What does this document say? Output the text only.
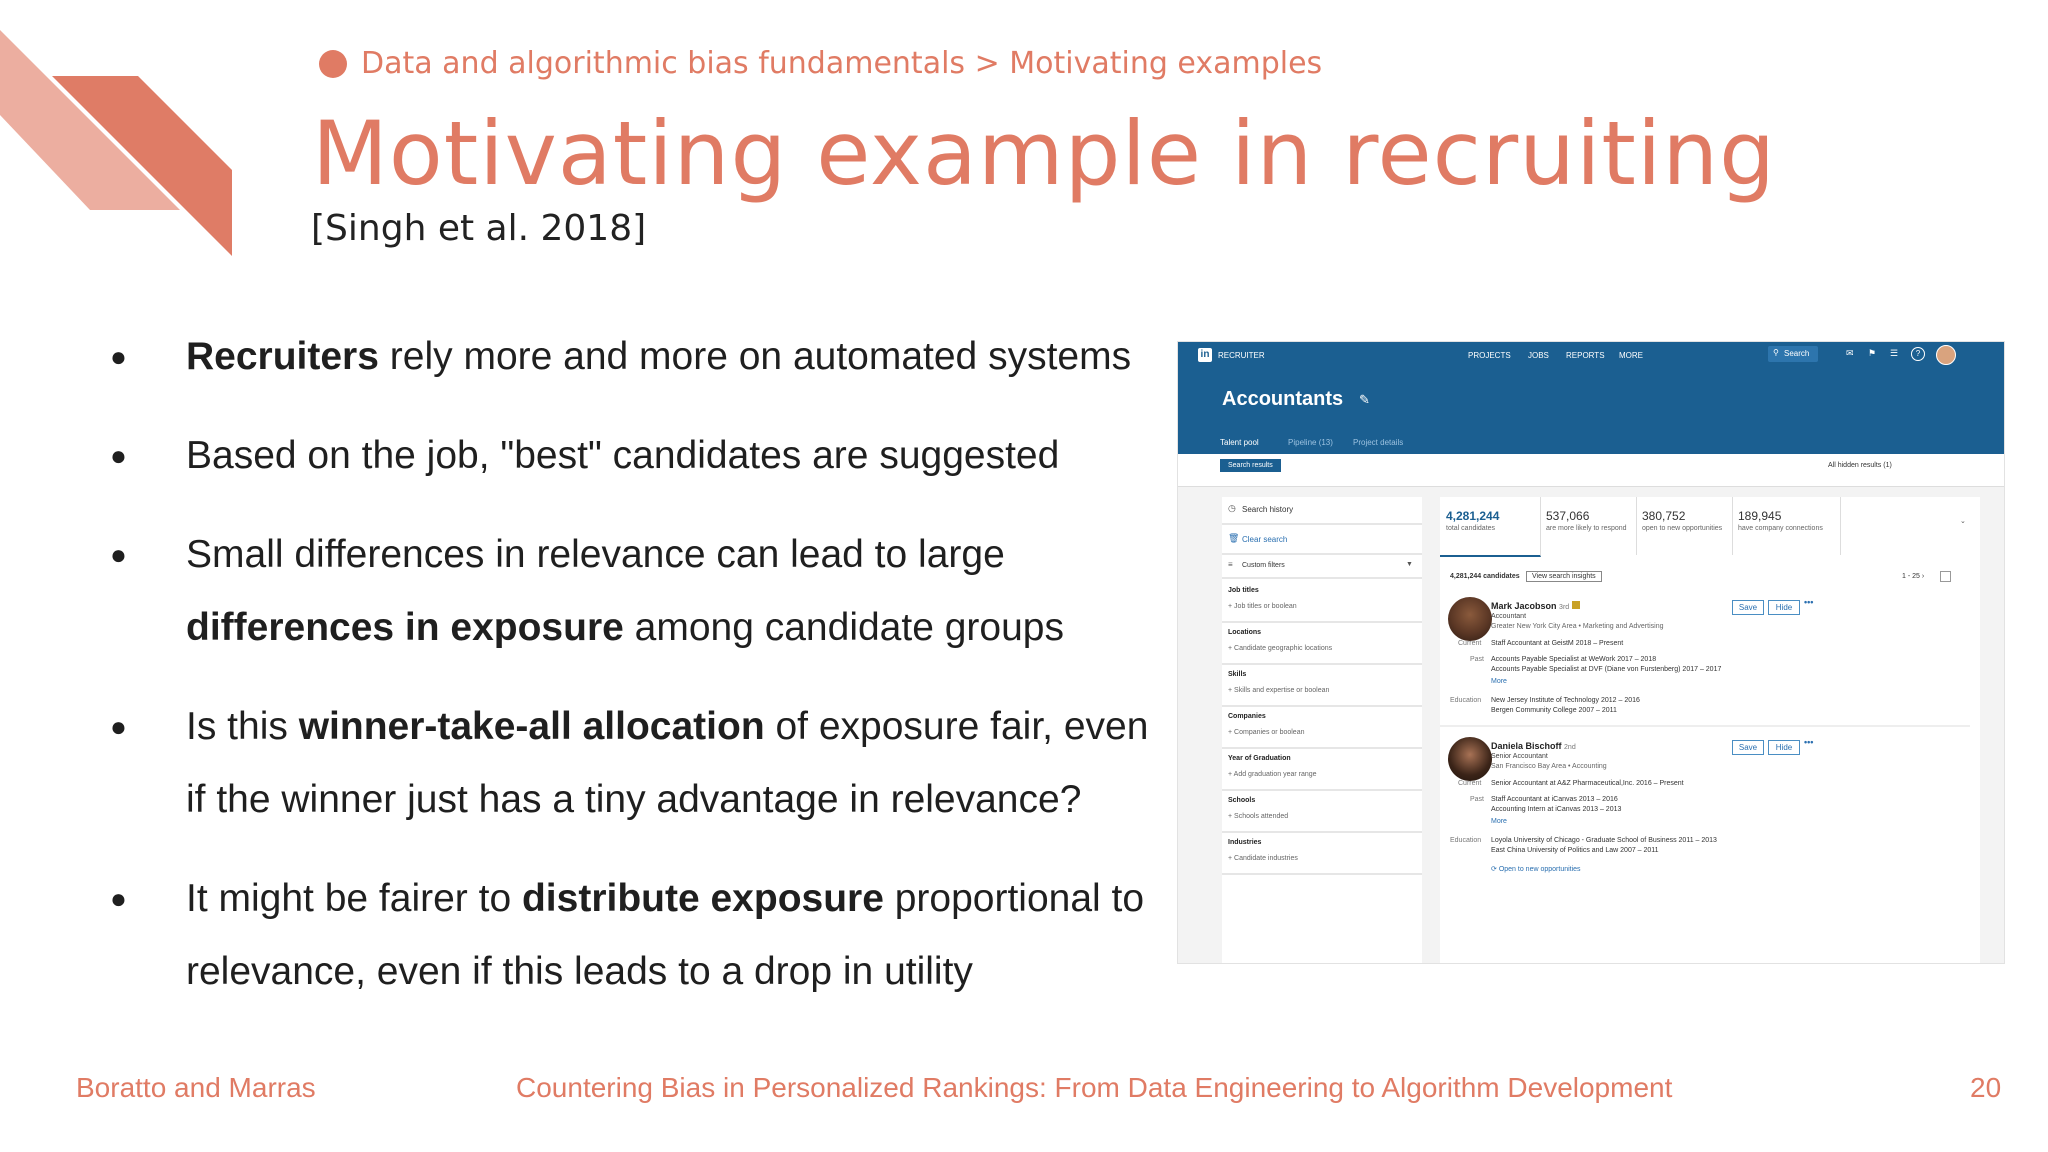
Data and algorithmic bias fundamentals > Motivating examples
Motivating example in recruiting
[Singh et al. 2018]
●	Recruiters rely more and more on automated systems
●	Based on the job, "best" candidates are suggested
●	Small differences in relevance can lead to large differences in exposure among candidate groups
●	Is this winner-take-all allocation of exposure fair, even if the winner just has a tiny advantage in relevance?
●	It might be fairer to distribute exposure proportional to relevance, even if this leads to a drop in utility
in	RECRUITER	PROJECTS JOBS REPORTS MORE	⚲ Search	✉ ⚑ ☰	?
Accountants ✎
Talent pool	Pipeline (13)	Project details
Search results	All hidden results (1)
◷ Search history
🗑 Clear search
≡ Custom filters	▼
Job titles
+ Job titles or boolean
Locations
+ Candidate geographic locations
Skills
+ Skills and expertise or boolean
Companies
+ Companies or boolean
Year of Graduation
+ Add graduation year range
Schools
+ Schools attended
Industries
+ Candidate industries
4,281,244
total candidates
537,066
are more likely to respond
380,752
open to new opportunities
189,945
have company connections
⌄
4,281,244 candidates	View search insights	1 - 25 ›
Mark Jacobson 3rd
Accountant
Greater New York City Area • Marketing and Advertising
Save	Hide
•••
Current Staff Accountant at GeistM 2018 – Present
Past Accounts Payable Specialist at WeWork 2017 – 2018
Accounts Payable Specialist at DVF (Diane von Furstenberg) 2017 – 2017
More
Education New Jersey Institute of Technology 2012 – 2016
Bergen Community College 2007 – 2011
Daniela Bischoff 2nd
Senior Accountant
San Francisco Bay Area • Accounting
Save	Hide
•••
Current Senior Accountant at A&Z Pharmaceutical,Inc. 2016 – Present
Past Staff Accountant at iCanvas 2013 – 2016
Accounting Intern at iCanvas 2013 – 2013
More
Education Loyola University of Chicago - Graduate School of Business 2011 – 2013
East China University of Politics and Law 2007 – 2011
⟳ Open to new opportunities
Boratto and Marras	Countering Bias in Personalized Rankings: From Data Engineering to Algorithm Development	20
